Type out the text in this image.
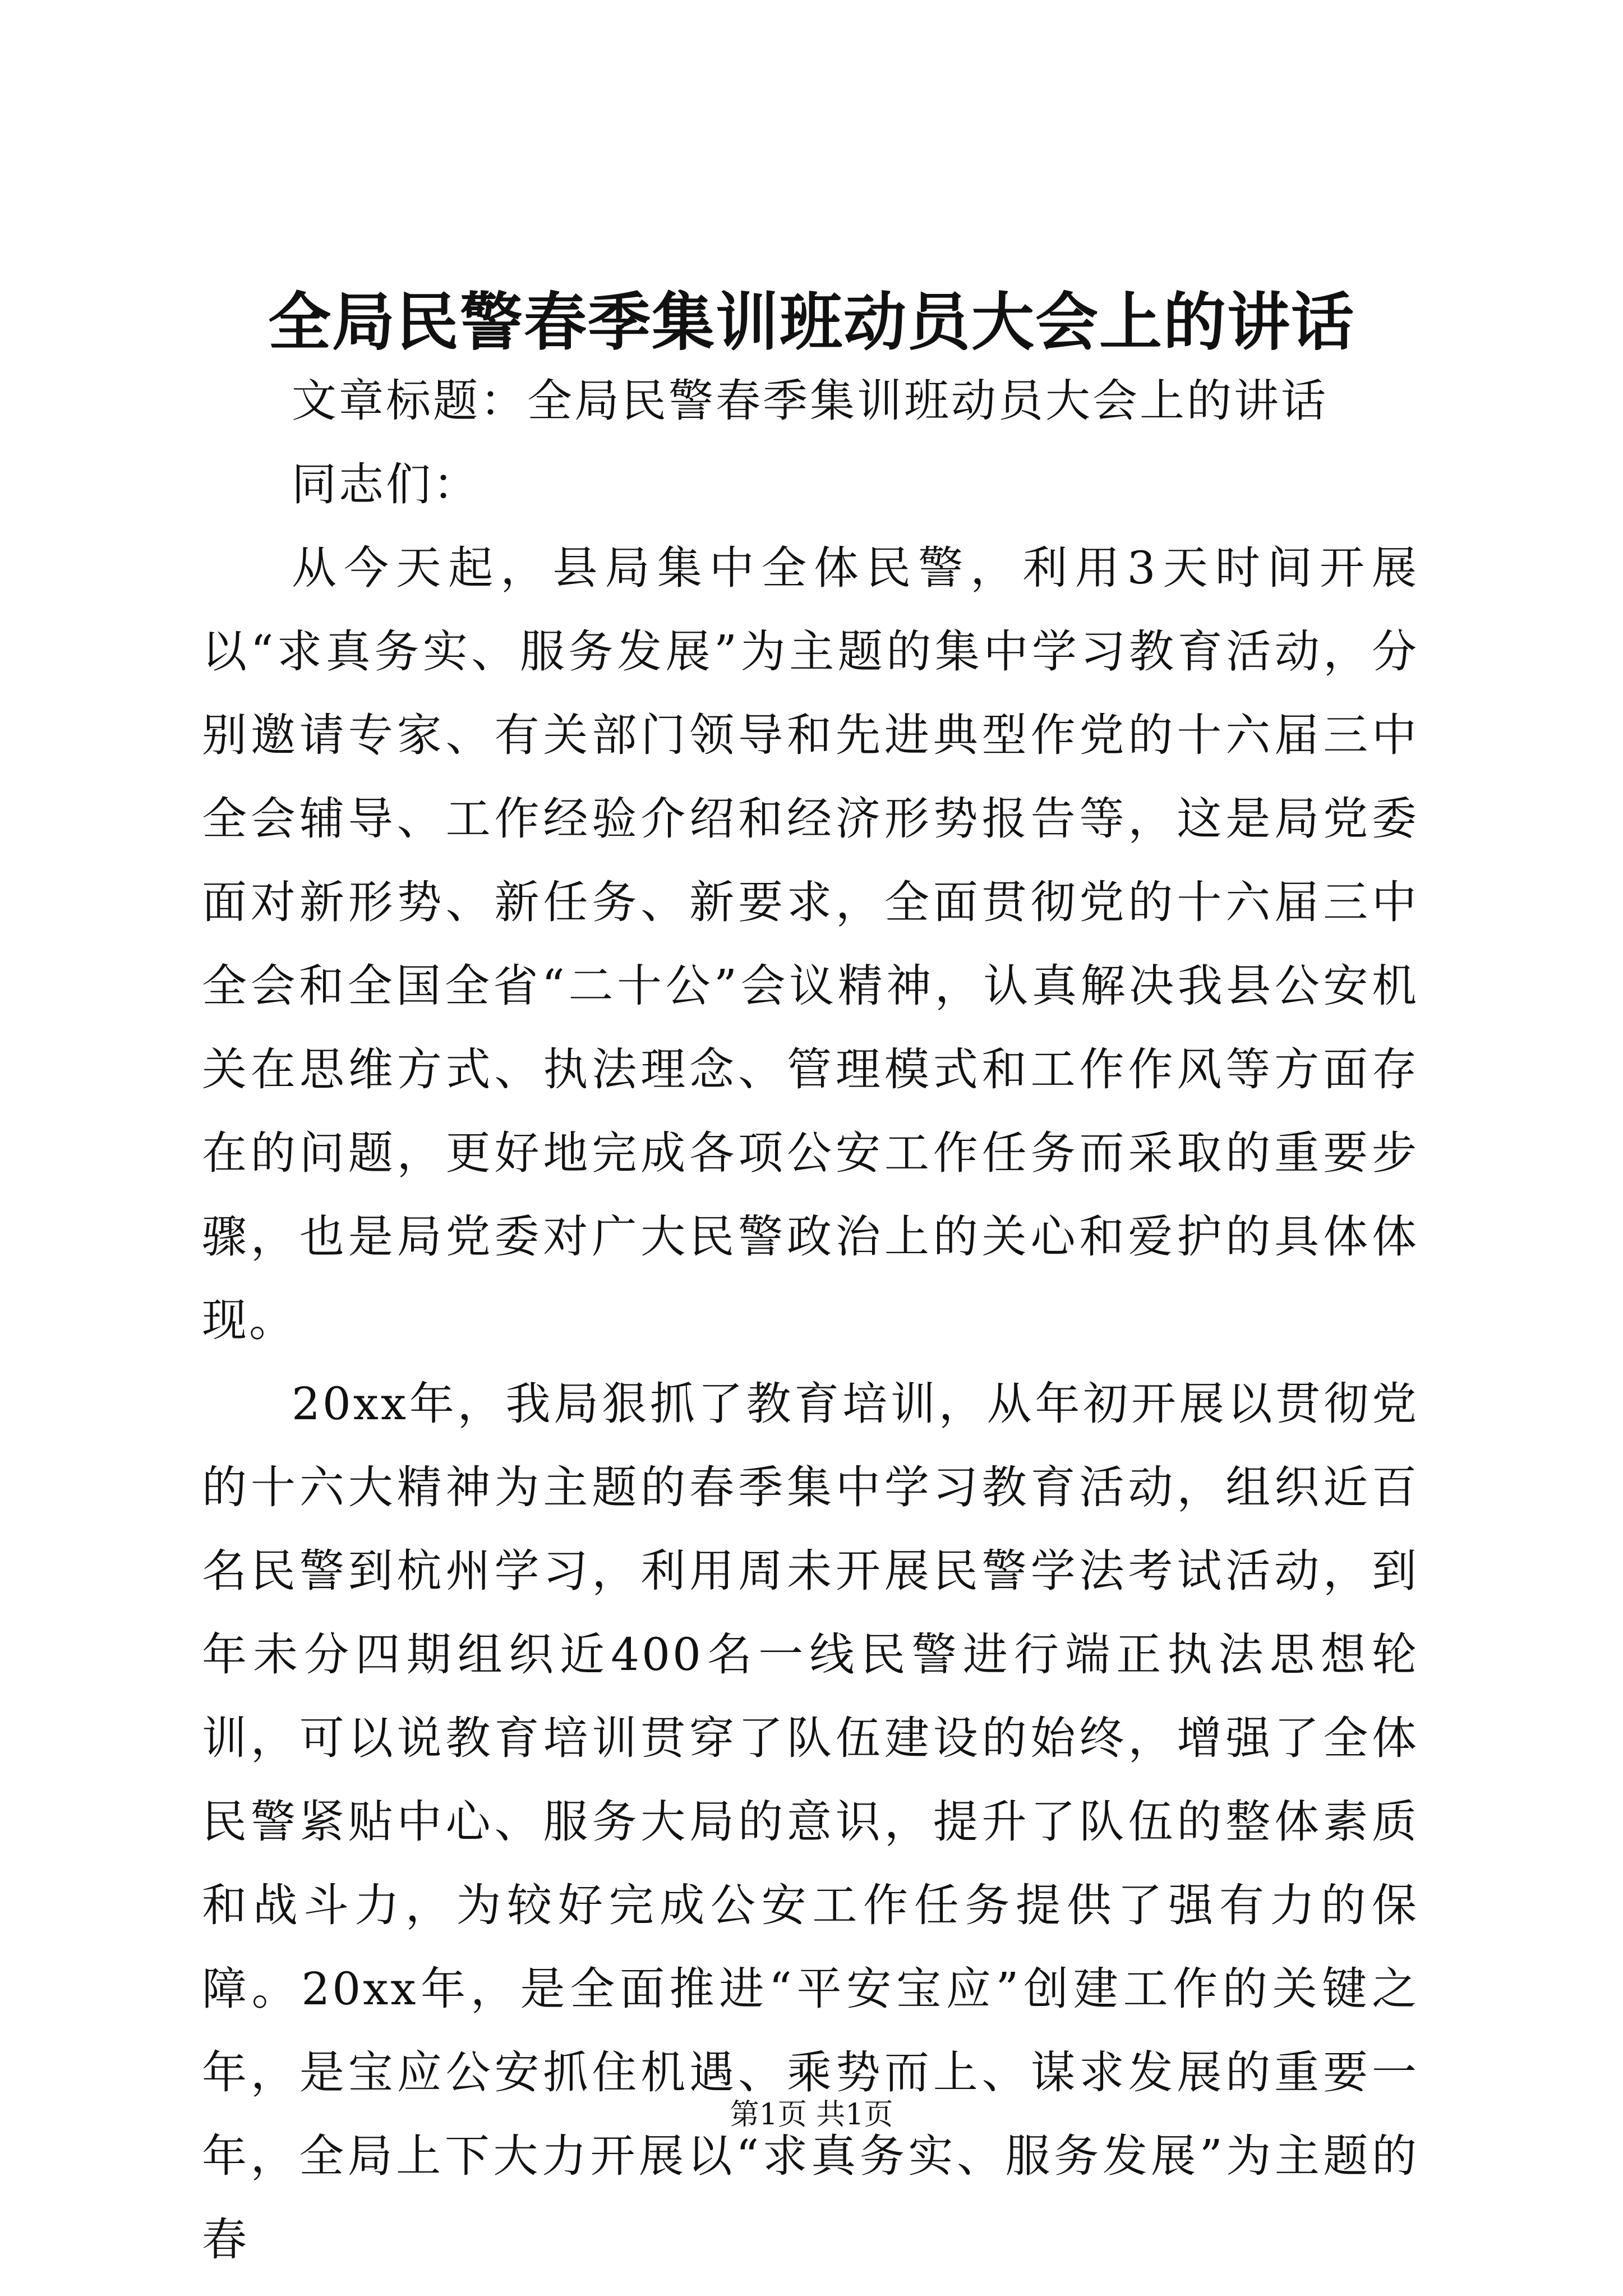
全局民警春季集训班动员大会上的讲话

文章标题：全局民警春季集训班动员大会上的讲话

同志们：

从今天起，县局集中全体民警，利用3天时间开展以“求真务实、服务发展”为主题的集中学习教育活动，分别邀请专家、有关部门领导和先进典型作党的十六届三中全会辅导、工作经验介绍和经济形势报告等，这是局党委面对新形势、新任务、新要求，全面贯彻党的十六届三中全会和全国全省“二十公”会议精神，认真解决我县公安机关在思维方式、执法理念、管理模式和工作作风等方面存在的问题，更好地完成各项公安工作任务而采取的重要步骤，也是局党委对广大民警政治上的关心和爱护的具体体现。

20xx年，我局狠抓了教育培训，从年初开展以贯彻党的十六大精神为主题的春季集中学习教育活动，组织近百名民警到杭州学习，利用周未开展民警学法考试活动，到年未分四期组织近400名一线民警进行端正执法思想轮训，可以说教育培训贯穿了队伍建设的始终，增强了全体民警紧贴中心、服务大局的意识，提升了队伍的整体素质和战斗力，为较好完成公安工作任务提供了强有力的保障。20xx年，是全面推进“平安宝应”创建工作的关键之年，是宝应公安抓住机遇、乘势而上、谋求发展的重要一年，全局上下大力开展以“求真务实、服务发展”为主题的春

第1页 共1页
